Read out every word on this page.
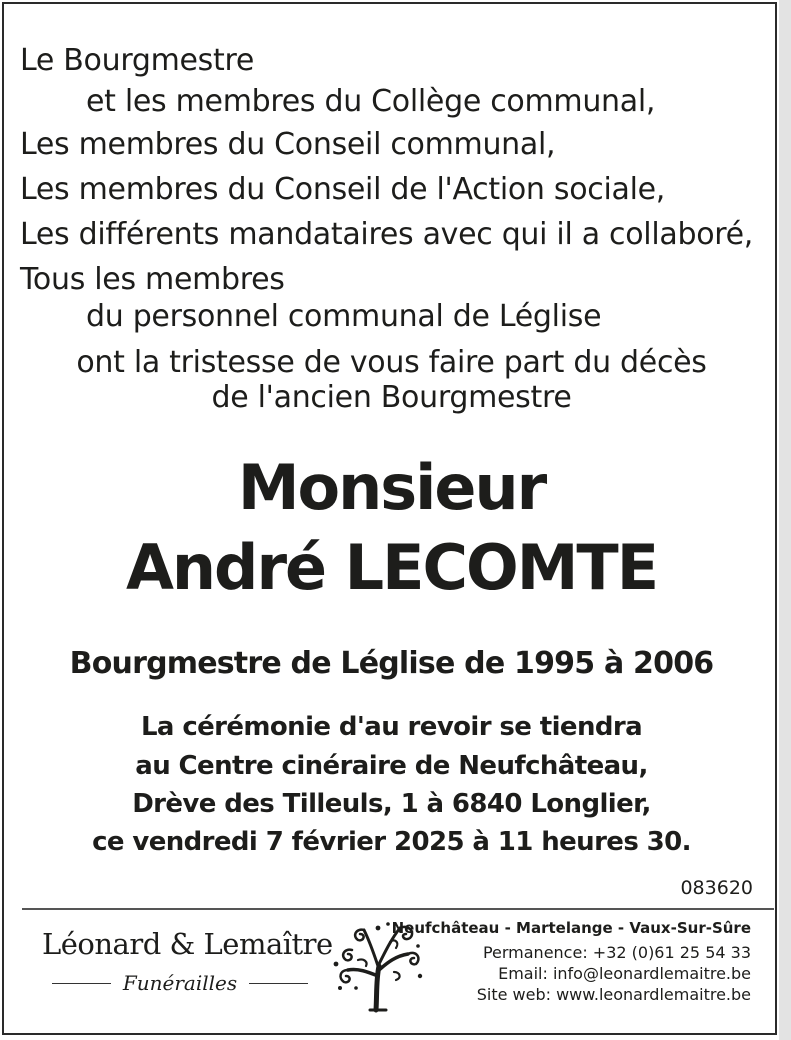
Le Bourgmestre
et les membres du Collège communal,
Les membres du Conseil communal,
Les membres du Conseil de l'Action sociale,
Les différents mandataires avec qui il a collaboré,
Tous les membres
du personnel communal de Léglise
ont la tristesse de vous faire part du décès
de l'ancien Bourgmestre
Monsieur
André LECOMTE
Bourgmestre de Léglise de 1995 à 2006
La cérémonie d'au revoir se tiendra
au Centre cinéraire de Neufchâteau,
Drève des Tilleuls, 1 à 6840 Longlier,
ce vendredi 7 février 2025 à 11 heures 30.
083620
Léonard & Lemaître
Funérailles
Neufchâteau - Martelange - Vaux-Sur-Sûre
Permanence: +32 (0)61 25 54 33
Email: info@leonardlemaitre.be
Site web: www.leonardlemaitre.be
